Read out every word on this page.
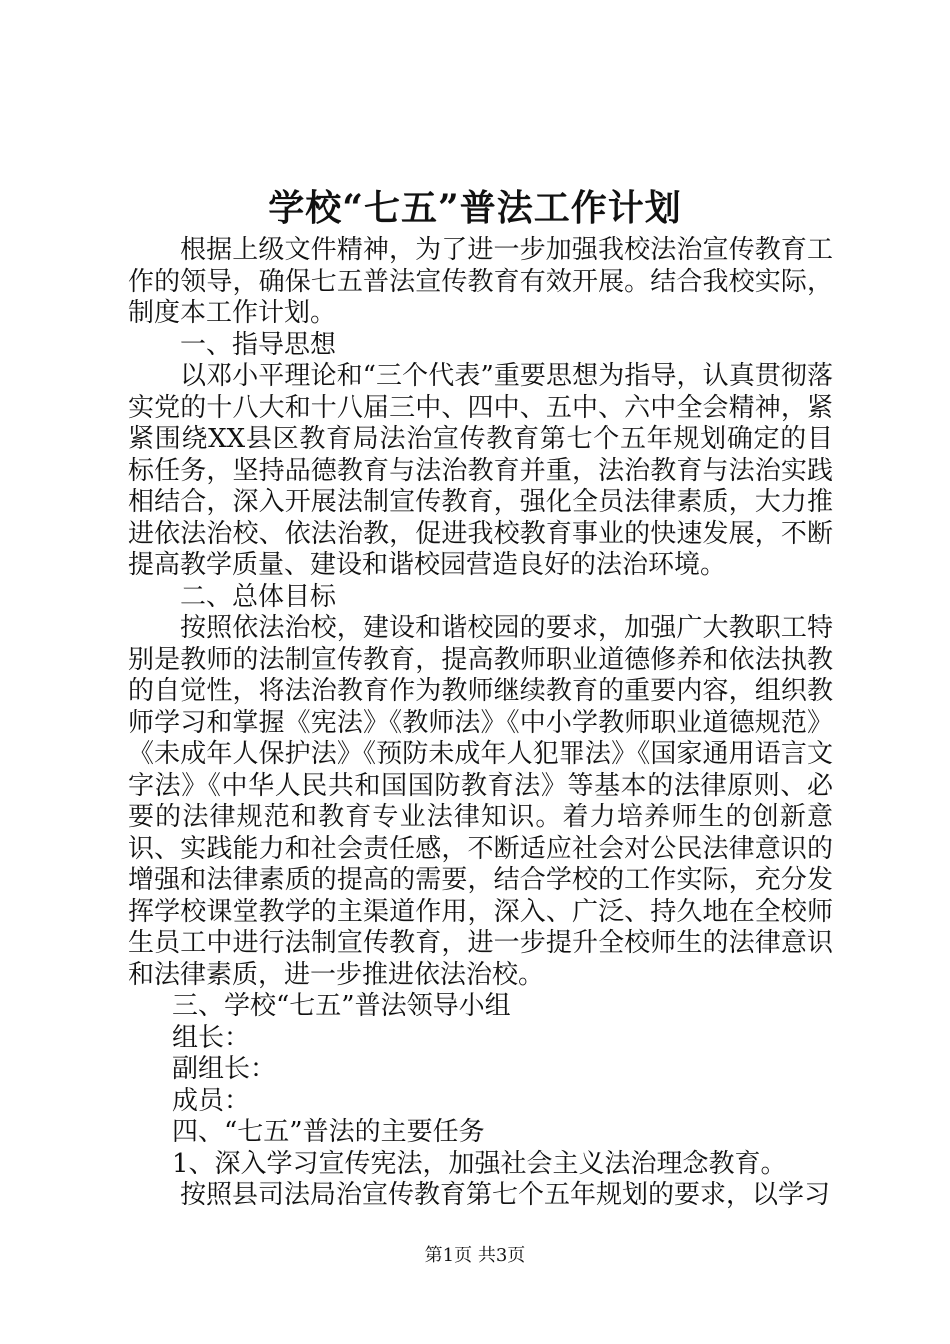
学校“七五”普法工作计划

根据上级文件精神，为了进一步加强我校法治宣传教育工作的领导，确保七五普法宣传教育有效开展。结合我校实际，制度本工作计划。

一、指导思想

以邓小平理论和“三个代表”重要思想为指导，认真贯彻落实党的十八大和十八届三中、四中、五中、六中全会精神，紧紧围绕XX县区教育局法治宣传教育第七个五年规划确定的目标任务，坚持品德教育与法治教育并重，法治教育与法治实践相结合，深入开展法制宣传教育，强化全员法律素质，大力推进依法治校、依法治教，促进我校教育事业的快速发展，不断提高教学质量、建设和谐校园营造良好的法治环境。

二、总体目标

按照依法治校，建设和谐校园的要求，加强广大教职工特别是教师的法制宣传教育，提高教师职业道德修养和依法执教的自觉性，将法治教育作为教师继续教育的重要内容，组织教师学习和掌握《宪法》《教师法》《中小学教师职业道德规范》《未成年人保护法》《预防未成年人犯罪法》《国家通用语言文字法》《中华人民共和国国防教育法》等基本的法律原则、必要的法律规范和教育专业法律知识。着力培养师生的创新意识、实践能力和社会责任感，不断适应社会对公民法律意识的增强和法律素质的提高的需要，结合学校的工作实际，充分发挥学校课堂教学的主渠道作用，深入、广泛、持久地在全校师生员工中进行法制宣传教育，进一步提升全校师生的法律意识和法律素质，进一步推进依法治校。

三、学校“七五”普法领导小组

组长：

副组长：

成员：

四、“七五”普法的主要任务

1、深入学习宣传宪法，加强社会主义法治理念教育。

按照县司法局治宣传教育第七个五年规划的要求，以学习

第1页 共3页
